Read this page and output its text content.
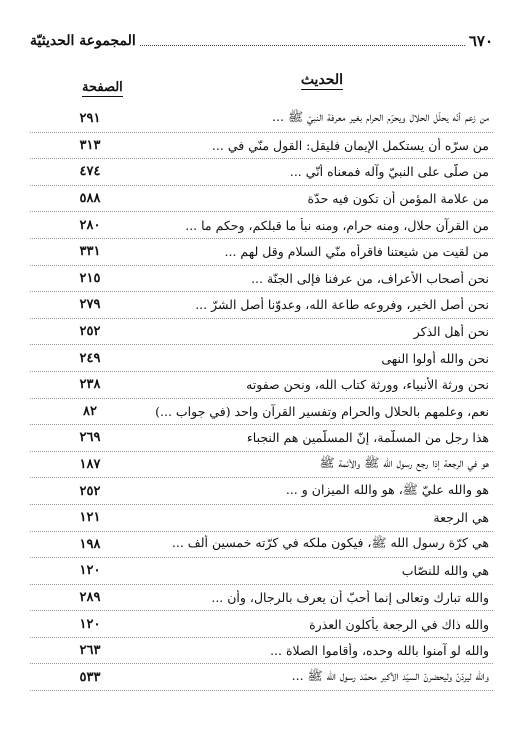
٦٧٠
المجموعة الحديثيّة
الحديث
الصفحة
من زعم أنّه يحلّل الحلال ويحرّم الحرام بغير معرفة النبيّ ﷺ ...
٢٩١
من سرّه أن يستكمل الإيمان فليقل: القول منّي في ...
٣١٣
من صلّى على النبيّ وآله فمعناه أنّي ...
٤٧٤
من علامة المؤمن أن تكون فيه حدّة
٥٨٨
من القرآن حلال، ومنه حرام، ومنه نبأ ما قبلكم، وحكم ما ...
٢٨٠
من لقيت من شيعتنا فاقرأه منّي السلام وقل لهم ...
٣٣١
نحن أصحاب الأعراف، من عرفنا فإلى الجنّة ...
٢١٥
نحن أصل الخير، وفروعه طاعة الله، وعدوّنا أصل الشرّ ...
٢٧٩
نحن أهل الذكر
٢٥٢
نحن والله أُولوا النهى
٢٤٩
نحن ورثة الأنبياء، وورثة كتاب الله، ونحن صفوته
٢٣٨
نعم، وعلمهم بالحلال والحرام وتفسير القرآن واحد (في جواب ...)
٨٢
هذا رجل من المسلّمة، إنّ المسلّمين هم النجباء
٢٦٩
هو في الرجعة إذا رجع رسول الله ﷺ والأئمة ﷺ
١٨٧
هو والله عليّ ﷺ، هو والله الميزان و ...
٢٥٢
هي الرجعة
١٢١
هي كرّة رسول الله ﷺ، فيكون ملكه في كرّته خمسين ألف ...
١٩٨
هي والله للنصّاب
١٢٠
والله تبارك وتعالى إنما أحبّ أن يعرف بالرجال، وأن ...
٢٨٩
والله ذاك في الرجعة يأكلون العذرة
١٢٠
والله لو آمنوا بالله وحده، وأقاموا الصلاة ...
٢٦٣
والله ليردّنّ وليحضرنّ السيّد الأكبر محمّد رسول الله ﷺ ...
٥٣٣
